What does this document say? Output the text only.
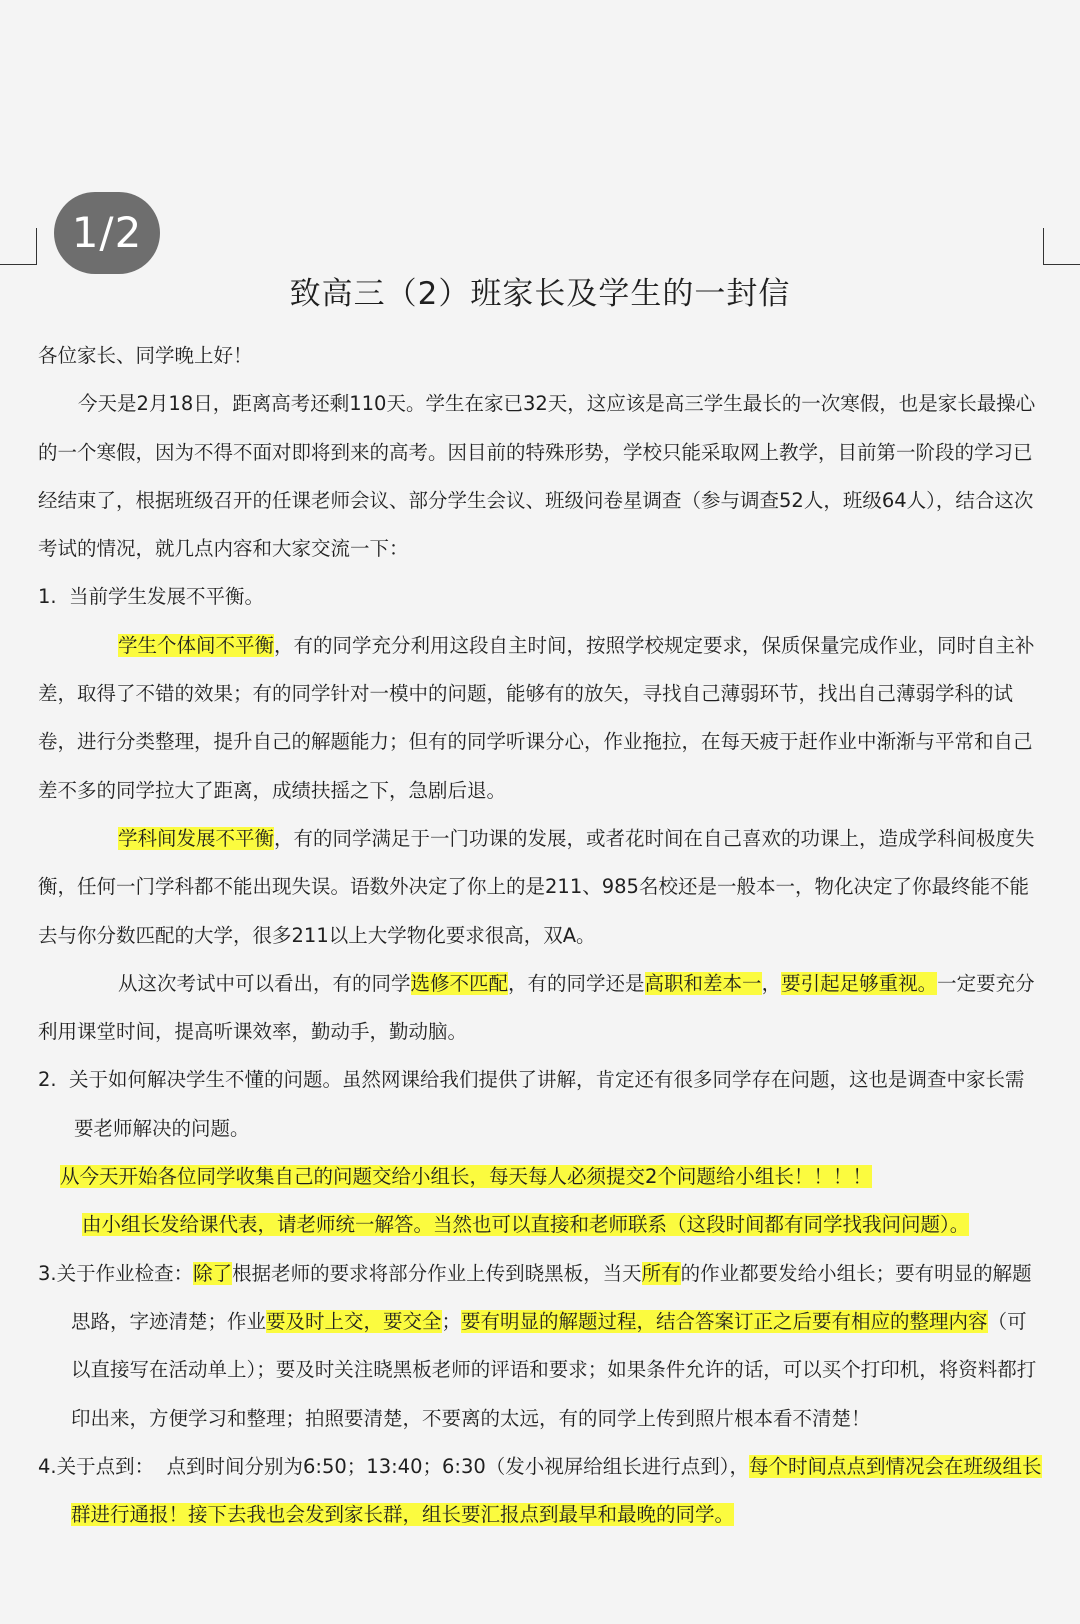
1/2
致高三（2）班家长及学生的一封信

各位家长、同学晚上好！

今天是2月18日，距离高考还剩110天。学生在家已32天，这应该是高三学生最长的一次寒假，也是家长最操心的一个寒假，因为不得不面对即将到来的高考。因目前的特殊形势，学校只能采取网上教学，目前第一阶段的学习已经结束了，根据班级召开的任课老师会议、部分学生会议、班级问卷星调查（参与调查52人，班级64人），结合这次考试的情况，就几点内容和大家交流一下：

1.  当前学生发展不平衡。

学生个体间不平衡，有的同学充分利用这段自主时间，按照学校规定要求，保质保量完成作业，同时自主补差，取得了不错的效果；有的同学针对一模中的问题，能够有的放矢，寻找自己薄弱环节，找出自己薄弱学科的试卷，进行分类整理，提升自己的解题能力；但有的同学听课分心，作业拖拉，在每天疲于赶作业中渐渐与平常和自己差不多的同学拉大了距离，成绩扶摇之下，急剧后退。

学科间发展不平衡，有的同学满足于一门功课的发展，或者花时间在自己喜欢的功课上，造成学科间极度失衡，任何一门学科都不能出现失误。语数外决定了你上的是211、985名校还是一般本一，物化决定了你最终能不能去与你分数匹配的大学，很多211以上大学物化要求很高，双A。

从这次考试中可以看出，有的同学选修不匹配，有的同学还是高职和差本一，要引起足够重视。一定要充分利用课堂时间，提高听课效率，勤动手，勤动脑。

2.  关于如何解决学生不懂的问题。虽然网课给我们提供了讲解，肯定还有很多同学存在问题，这也是调查中家长需要老师解决的问题。

从今天开始各位同学收集自己的问题交给小组长，每天每人必须提交2个问题给小组长！！！！

由小组长发给课代表，请老师统一解答。当然也可以直接和老师联系（这段时间都有同学找我问问题）。

3.关于作业检查：除了根据老师的要求将部分作业上传到晓黑板，当天所有的作业都要发给小组长；要有明显的解题思路，字迹清楚；作业要及时上交，要交全；要有明显的解题过程，结合答案订正之后要有相应的整理内容（可以直接写在活动单上）；要及时关注晓黑板老师的评语和要求；如果条件允许的话，可以买个打印机，将资料都打印出来，方便学习和整理；拍照要清楚，不要离的太远，有的同学上传到照片根本看不清楚！

4.关于点到：  点到时间分别为6:50；13:40；6:30（发小视屏给组长进行点到），每个时间点点到情况会在班级组长群进行通报！接下去我也会发到家长群，组长要汇报点到最早和最晚的同学。
